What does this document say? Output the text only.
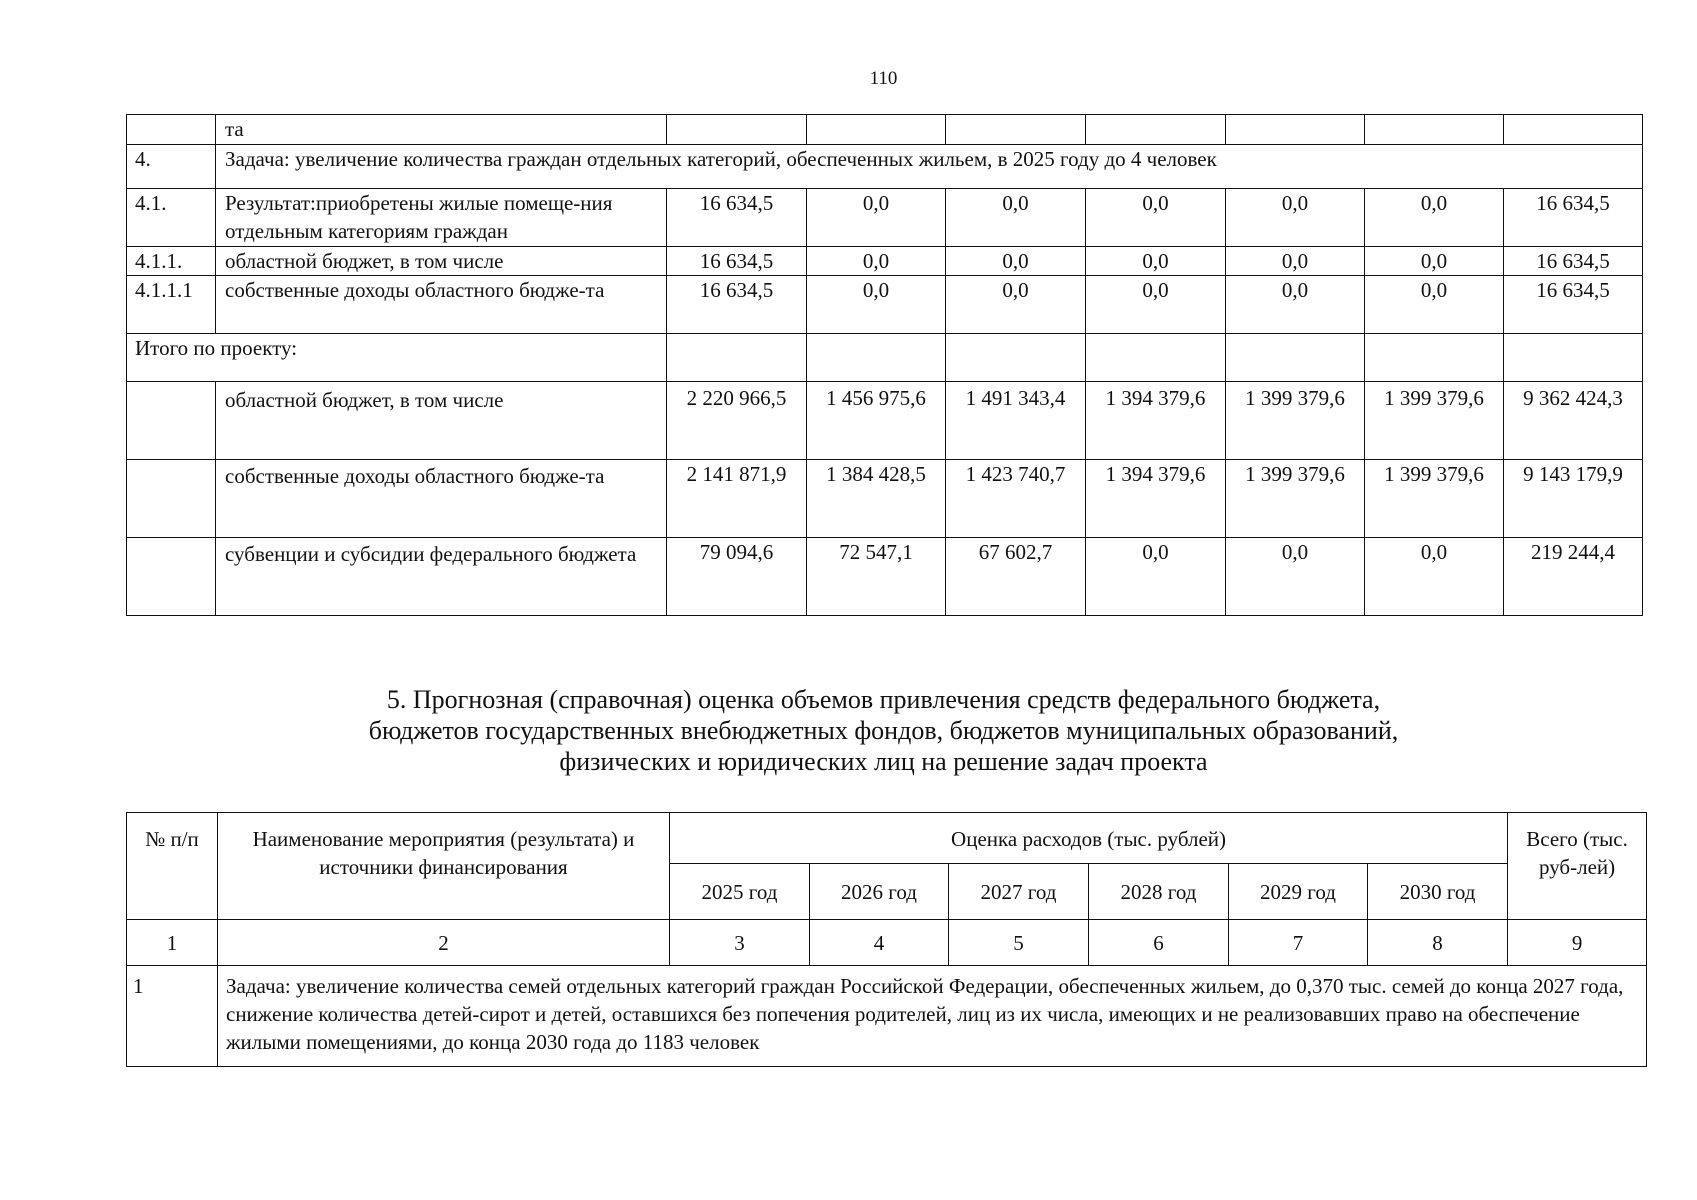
110
	та							
4.	Задача: увеличение количества граждан отдельных категорий, обеспеченных жильем, в 2025 году до 4 человек							
4.1.	Результат:приобретены жилые помеще-ния отдельным категориям граждан	16 634,5	0,0	0,0	0,0	0,0	0,0	16 634,5
4.1.1.	областной бюджет, в том числе	16 634,5	0,0	0,0	0,0	0,0	0,0	16 634,5
4.1.1.1	собственные доходы областного бюдже-та	16 634,5	0,0	0,0	0,0	0,0	0,0	16 634,5
Итого по проекту:								
	областной бюджет, в том числе	2 220 966,5	1 456 975,6	1 491 343,4	1 394 379,6	1 399 379,6	1 399 379,6	9 362 424,3
	собственные доходы областного бюдже-та	2 141 871,9	1 384 428,5	1 423 740,7	1 394 379,6	1 399 379,6	1 399 379,6	9 143 179,9
	субвенции и субсидии федерального бюджета	79 094,6	72 547,1	67 602,7	0,0	0,0	0,0	219 244,4
5. Прогнозная (справочная) оценка объемов привлечения средств федерального бюджета,
бюджетов государственных внебюджетных фондов, бюджетов муниципальных образований,
физических и юридических лиц на решение задач проекта
№ п/п	Наименование мероприятия (результата) и источники финансирования	Оценка расходов (тыс. рублей)						Всего (тыс. руб-лей)
		2025 год	2026 год	2027 год	2028 год	2029 год	2030 год	
1	2	3	4	5	6	7	8	9
1	Задача: увеличение количества семей отдельных категорий граждан Российской Федерации, обеспеченных жильем, до 0,370 тыс. семей до конца 2027 года, снижение количества детей-сирот и детей, оставшихся без попечения родителей, лиц из их числа, имеющих и не реализовавших право на обеспечение жилыми помещениями, до конца 2030 года до 1183 человек							
